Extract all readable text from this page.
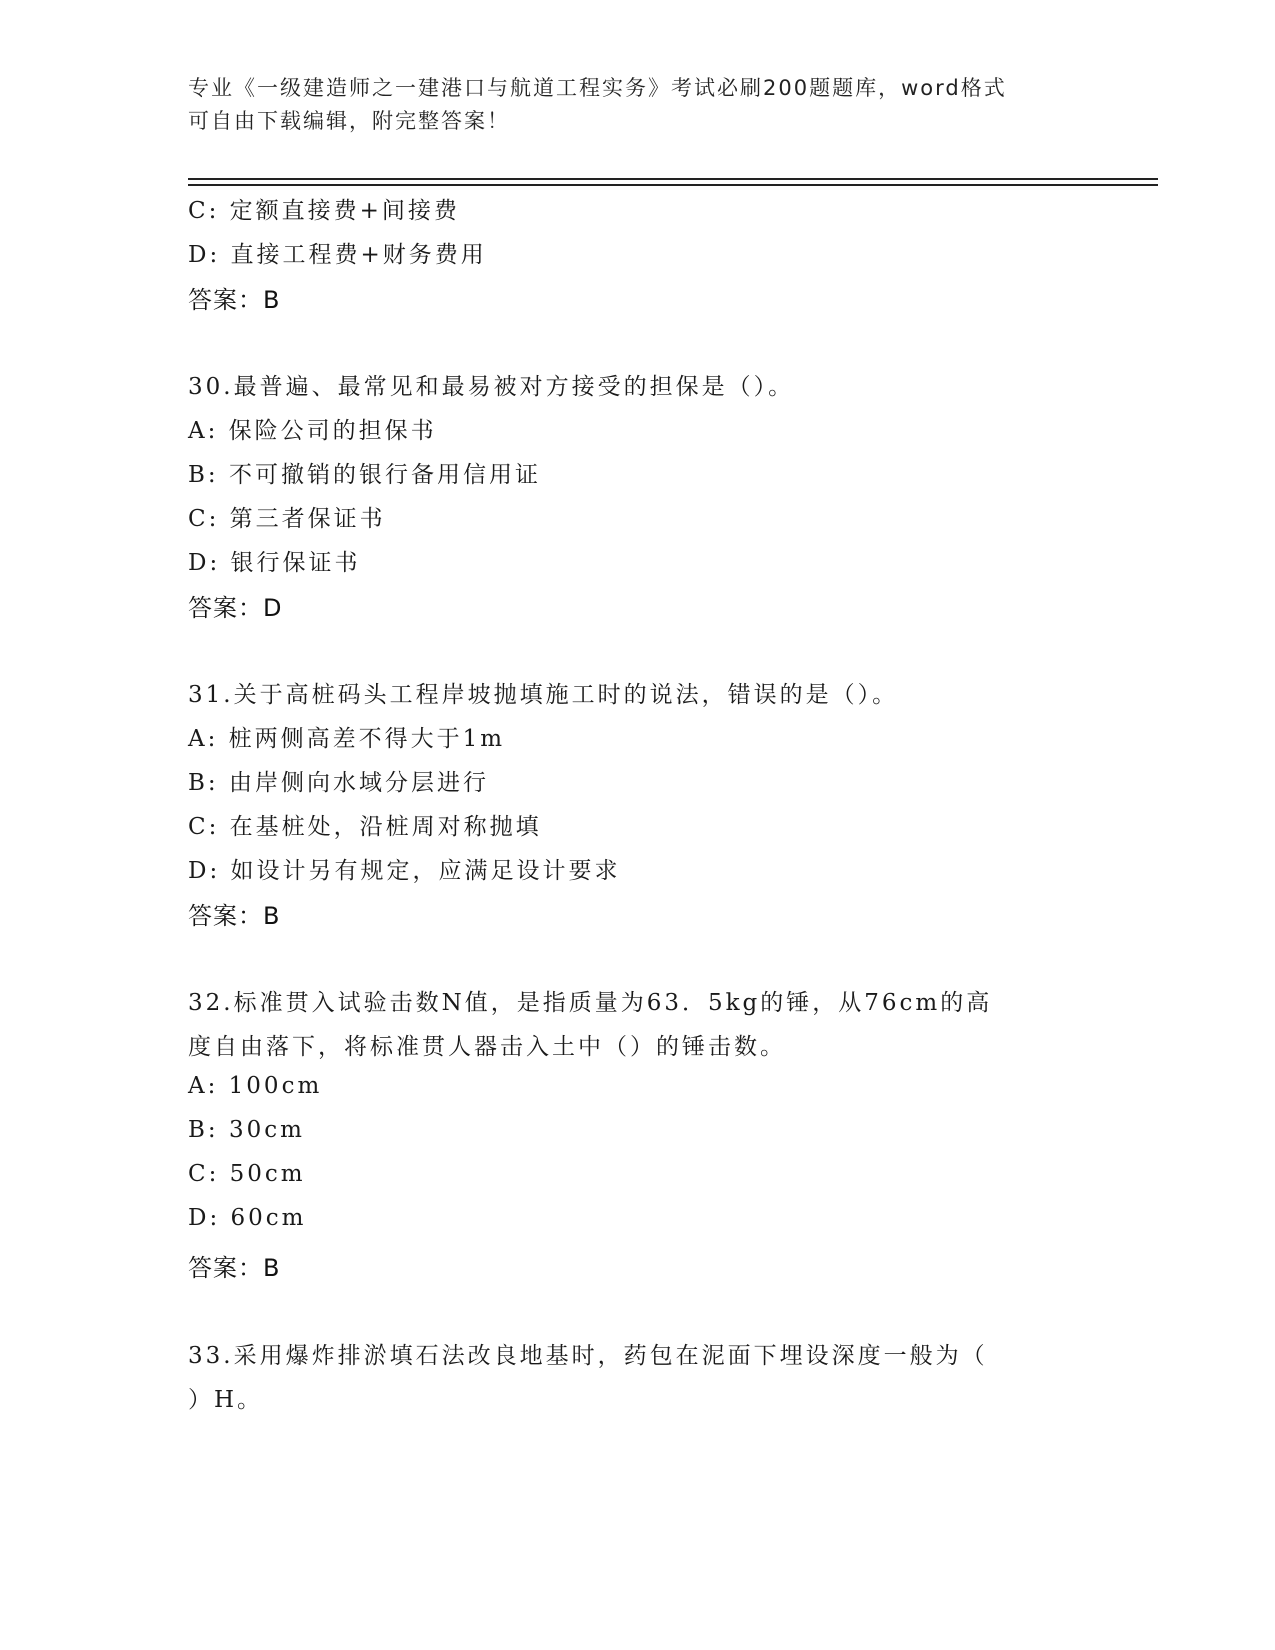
专业《一级建造师之一建港口与航道工程实务》考试必刷200题题库，word格式
可自由下载编辑，附完整答案！
C: 定额直接费+间接费
D: 直接工程费+财务费用
答案：B
30.最普遍、最常见和最易被对方接受的担保是（）。
A: 保险公司的担保书
B: 不可撤销的银行备用信用证
C: 第三者保证书
D: 银行保证书
答案：D
31.关于高桩码头工程岸坡抛填施工时的说法，错误的是（）。
A: 桩两侧高差不得大于1m
B: 由岸侧向水域分层进行
C: 在基桩处，沿桩周对称抛填
D: 如设计另有规定，应满足设计要求
答案：B
32.标准贯入试验击数N值，是指质量为63．5kg的锤，从76cm的高
度自由落下，将标准贯人器击入土中（）的锤击数。
A: 100cm
B: 30cm
C: 50cm
D: 60cm
答案：B
33.采用爆炸排淤填石法改良地基时，药包在泥面下埋设深度一般为（
）H。
